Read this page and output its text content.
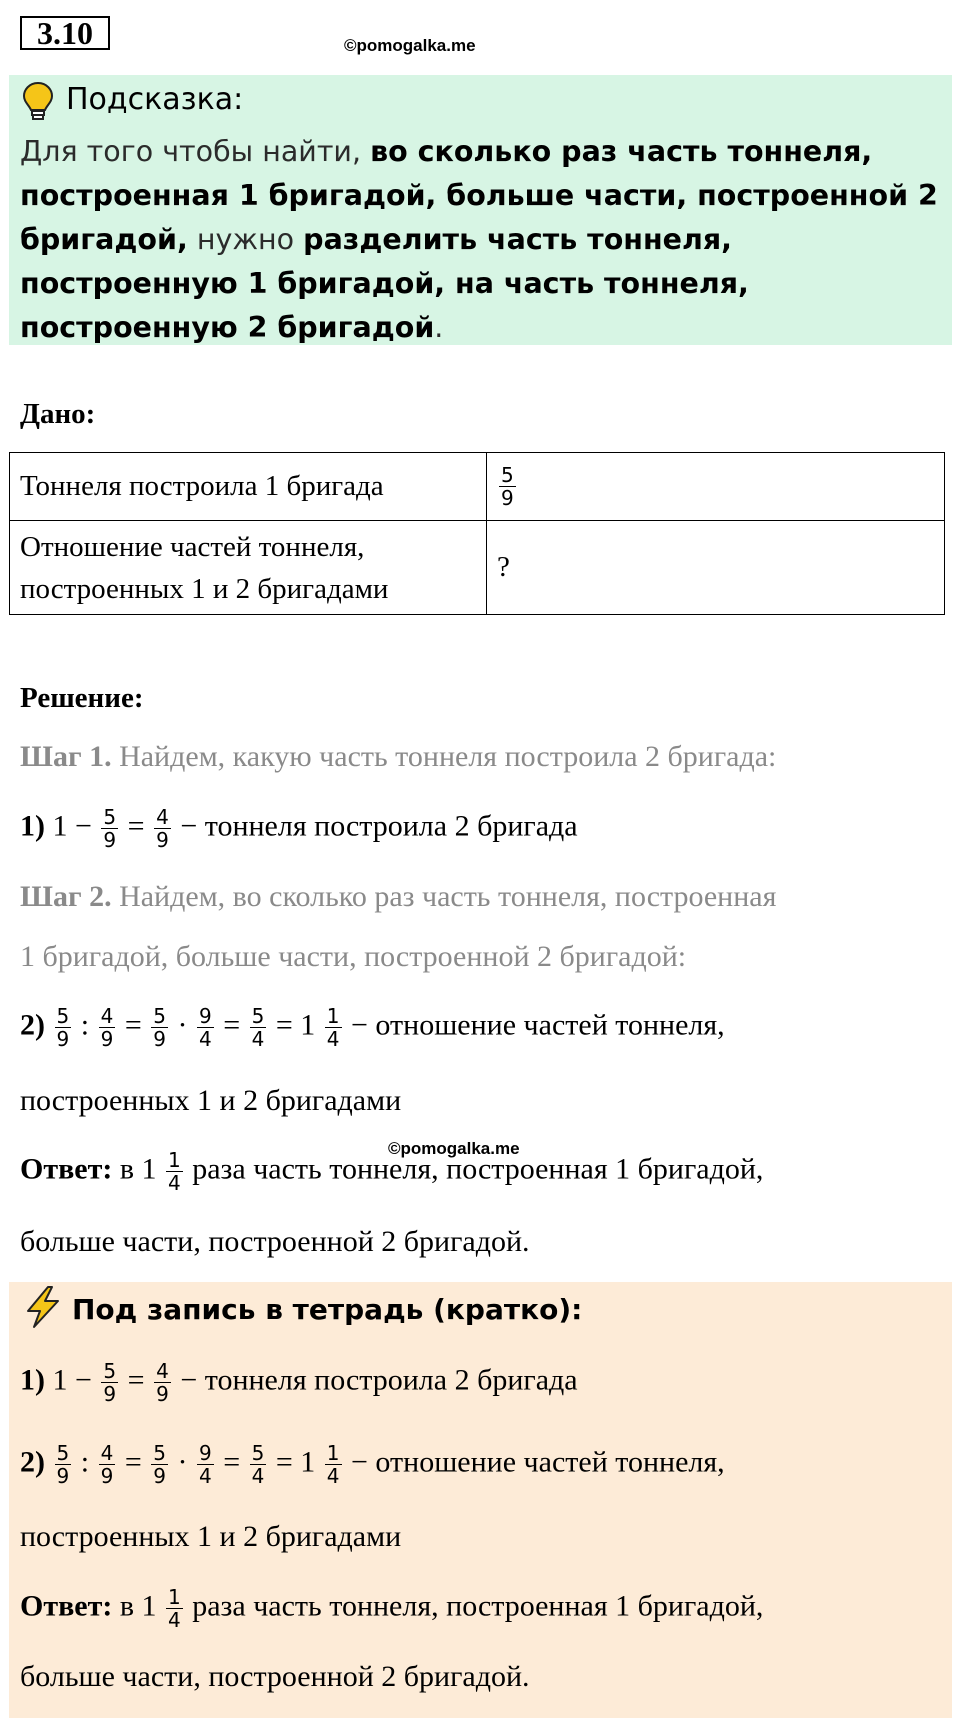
3.10	©pomogalka.me
Подсказка:
Для того чтобы найти, во сколько раз часть тоннеля, построенная 1 бригадой, больше части, построенной 2 бригадой, нужно разделить часть тоннеля, построенную 1 бригадой, на часть тоннеля, построенную 2 бригадой.
Дано:
Тоннеля построила 1 бригада	$\frac{5}{9}$

Отношение частей тоннеля,
построенных 1 и 2 бригадами	?
Решение:
Шаг 1. Найдем, какую часть тоннеля построила 2 бригада:
1) $1 - \frac{5}{9} = \frac{4}{9}$ − тоннеля построила 2 бригада
Шаг 2. Найдем, во сколько раз часть тоннеля, построенная
1 бригадой, больше части, построенной 2 бригадой:
$2) \frac{5}{9}$ : $\frac{4}{9} = \frac{5}{9} \cdot \frac{9}{4} = \frac{5}{4} = 1 \frac{1}{4}$ − отношение частей тоннеля,
построенных 1 и 2 бригадами
©pomogalka.me
Ответ: в $1 \frac{1}{4}$ раза часть тоннеля, построенная 1 бригадой,
больше части, построенной 2 бригадой.
Под запись в тетрадь (кратко):
1) $1 - \frac{5}{9} = \frac{4}{9}$ − тоннеля построила 2 бригада
$2) \frac{5}{9}$ : $\frac{4}{9} = \frac{5}{9} \cdot \frac{9}{4} = \frac{5}{4} = 1 \frac{1}{4}$ − отношение частей тоннеля,
построенных 1 и 2 бригадами
Ответ: в $1 \frac{1}{4}$ раза часть тоннеля, построенная 1 бригадой,
больше части, построенной 2 бригадой.
